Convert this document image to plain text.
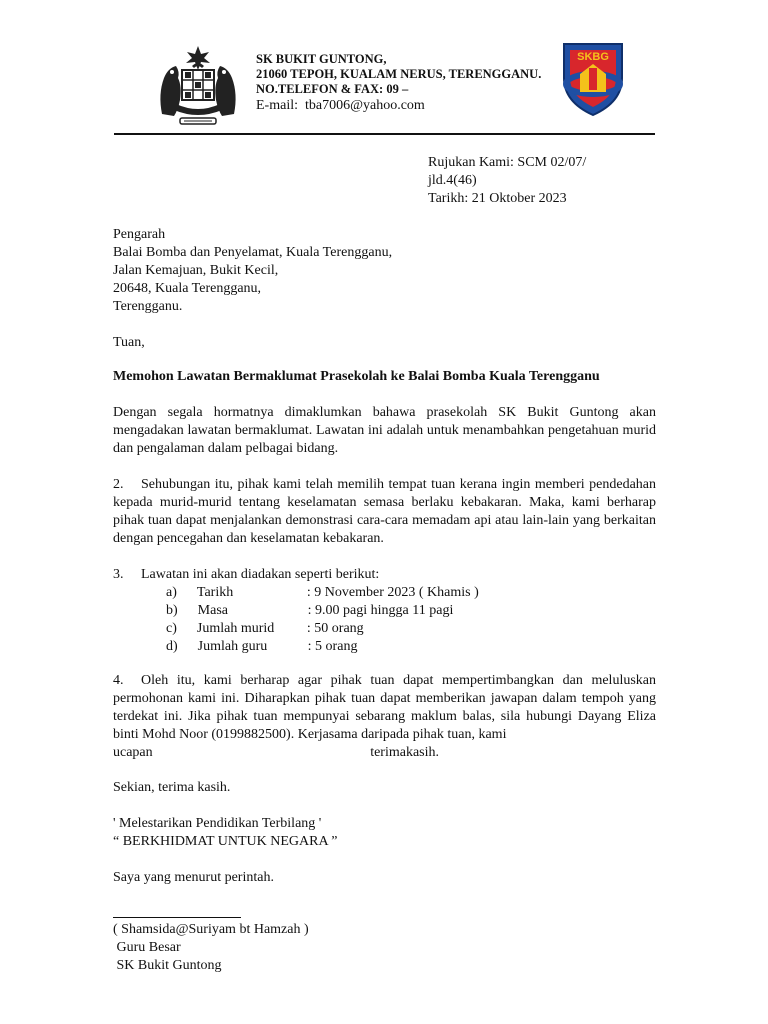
SK BUKIT GUNTONG,
21060 TEPOH, KUALAM NERUS, TERENGGANU.
NO.TELEFON & FAX: 09 –
E-mail: tba7006@yahoo.com
SKBG
Rujukan Kami: SCM 02/07/
jld.4(46)
Tarikh: 21 Oktober 2023
Pengarah
Balai Bomba dan Penyelamat, Kuala Terengganu,
Jalan Kemajuan, Bukit Kecil,
20648, Kuala Terengganu,
Terengganu.
Tuan,
Memohon Lawatan Bermaklumat Prasekolah ke Balai Bomba Kuala Terengganu
Dengan segala hormatnya dimaklumkan bahawa prasekolah SK Bukit Guntong akan mengadakan lawatan bermaklumat. Lawatan ini adalah untuk menambahkan pengetahuan murid dan pengalaman dalam pelbagai bidang.
2. Sehubungan itu, pihak kami telah memilih tempat tuan kerana ingin memberi pendedahan kepada murid-murid tentang keselamatan semasa berlaku kebakaran. Maka, kami berharap pihak tuan dapat menjalankan demonstrasi cara-cara memadam api atau lain-lain yang berkaitan dengan pencegahan dan keselamatan kebakaran.
3. Lawatan ini akan diadakan seperti berikut:
a) Tarikh	: 9 November 2023 ( Khamis )
b) Masa	: 9.00 pagi hingga 11 pagi
c) Jumlah murid : 50 orang
d) Jumlah guru	: 5 orang
4. Oleh itu, kami berharap agar pihak tuan dapat mempertimbangkan dan meluluskan permohonan kami ini. Diharapkan pihak tuan dapat memberikan jawapan dalam tempoh yang terdekat ini. Jika pihak tuan mempunyai sebarang maklum balas, sila hubungi Dayang Eliza binti Mohd Noor (0199882500). Kerjasama daripada pihak tuan, kami
ucapan	terimakasih.
Sekian, terima kasih.
' Melestarikan Pendidikan Terbilang '
“ BERKHIDMAT UNTUK NEGARA ”
Saya yang menurut perintah.
( Shamsida@Suriyam bt Hamzah )
Guru Besar
SK Bukit Guntong
